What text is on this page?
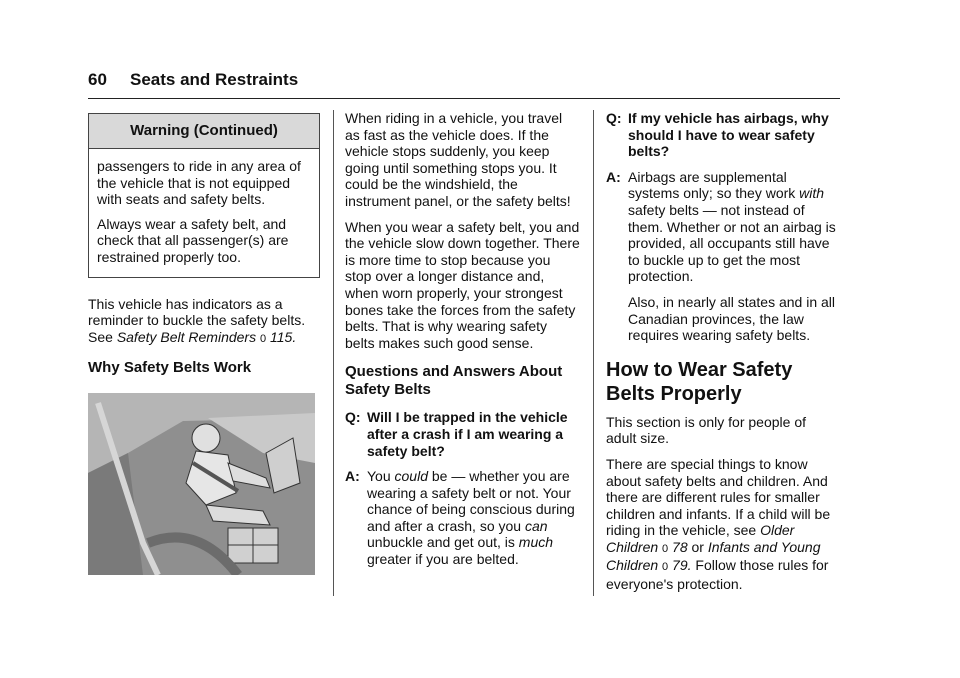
60 Seats and Restraints
Warning (Continued)

passengers to ride in any area of the vehicle that is not equipped with seats and safety belts.

Always wear a safety belt, and check that all passenger(s) are restrained properly too.

This vehicle has indicators as a reminder to buckle the safety belts. See Safety Belt Reminders 0 115.

Why Safety Belts Work

When riding in a vehicle, you travel as fast as the vehicle does. If the vehicle stops suddenly, you keep going until something stops you. It could be the windshield, the instrument panel, or the safety belts!

When you wear a safety belt, you and the vehicle slow down together. There is more time to stop because you stop over a longer distance and, when worn properly, your strongest bones take the forces from the safety belts. That is why wearing safety belts makes such good sense.

Questions and Answers About Safety Belts
Q: Will I be trapped in the vehicle after a crash if I am wearing a safety belt?
A: You could be — whether you are wearing a safety belt or not. Your chance of being conscious during and after a crash, so you can unbuckle and get out, is much greater if you are belted.
Q: If my vehicle has airbags, why should I have to wear safety belts?
A: Airbags are supplemental systems only; so they work with safety belts — not instead of them. Whether or not an airbag is provided, all occupants still have to buckle up to get the most protection.

Also, in nearly all states and in all Canadian provinces, the law requires wearing safety belts.

How to Wear Safety Belts Properly

This section is only for people of adult size.

There are special things to know about safety belts and children. And there are different rules for smaller children and infants. If a child will be riding in the vehicle, see Older Children 0 78 or Infants and Young Children 0 79. Follow those rules for everyone's protection.
